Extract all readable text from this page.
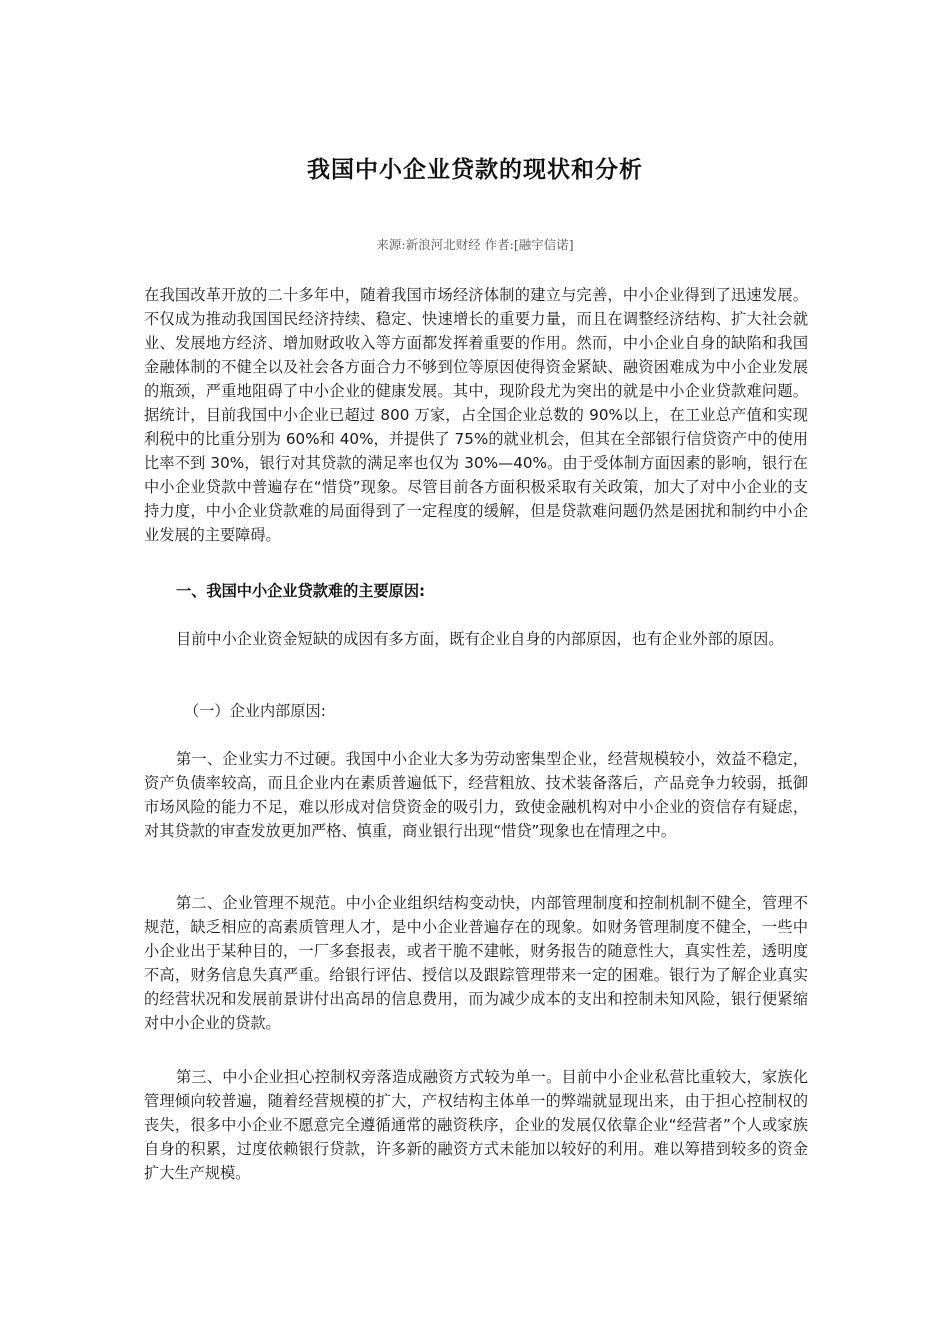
我国中小企业贷款的现状和分析
来源:新浪河北财经 作者:[融宇信诺]

在我国改革开放的二十多年中，随着我国市场经济体制的建立与完善，中小企业得到了迅速发展。不仅成为推动我国国民经济持续、稳定、快速增长的重要力量，而且在调整经济结构、扩大社会就业、发展地方经济、增加财政收入等方面都发挥着重要的作用。然而，中小企业自身的缺陷和我国金融体制的不健全以及社会各方面合力不够到位等原因使得资金紧缺、融资困难成为中小企业发展的瓶颈，严重地阻碍了中小企业的健康发展。其中，现阶段尤为突出的就是中小企业贷款难问题。据统计，目前我国中小企业已超过 800 万家，占全国企业总数的 90%以上，在工业总产值和实现利税中的比重分别为 60%和 40%，并提供了 75%的就业机会，但其在全部银行信贷资产中的使用比率不到 30%，银行对其贷款的满足率也仅为 30%—40%。由于受体制方面因素的影响，银行在中小企业贷款中普遍存在“惜贷”现象。尽管目前各方面积极采取有关政策，加大了对中小企业的支持力度，中小企业贷款难的局面得到了一定程度的缓解，但是贷款难问题仍然是困扰和制约中小企业发展的主要障碍。

一、我国中小企业贷款难的主要原因:

目前中小企业资金短缺的成因有多方面，既有企业自身的内部原因，也有企业外部的原因。

（一）企业内部原因:

第一、企业实力不过硬。我国中小企业大多为劳动密集型企业，经营规模较小，效益不稳定，资产负债率较高，而且企业内在素质普遍低下，经营粗放、技术装备落后，产品竞争力较弱，抵御市场风险的能力不足，难以形成对信贷资金的吸引力，致使金融机构对中小企业的资信存有疑虑，对其贷款的审查发放更加严格、慎重，商业银行出现“惜贷”现象也在情理之中。

第二、企业管理不规范。中小企业组织结构变动快，内部管理制度和控制机制不健全，管理不规范，缺乏相应的高素质管理人才，是中小企业普遍存在的现象。如财务管理制度不健全，一些中小企业出于某种目的，一厂多套报表，或者干脆不建帐，财务报告的随意性大，真实性差，透明度不高，财务信息失真严重。给银行评估、授信以及跟踪管理带来一定的困难。银行为了解企业真实的经营状况和发展前景讲付出高昂的信息费用，而为减少成本的支出和控制未知风险，银行便紧缩对中小企业的贷款。

第三、中小企业担心控制权旁落造成融资方式较为单一。目前中小企业私营比重较大，家族化管理倾向较普遍，随着经营规模的扩大，产权结构主体单一的弊端就显现出来，由于担心控制权的丧失，很多中小企业不愿意完全遵循通常的融资秩序，企业的发展仅依靠企业“经营者”个人或家族自身的积累，过度依赖银行贷款，许多新的融资方式未能加以较好的利用。难以筹措到较多的资金扩大生产规模。
